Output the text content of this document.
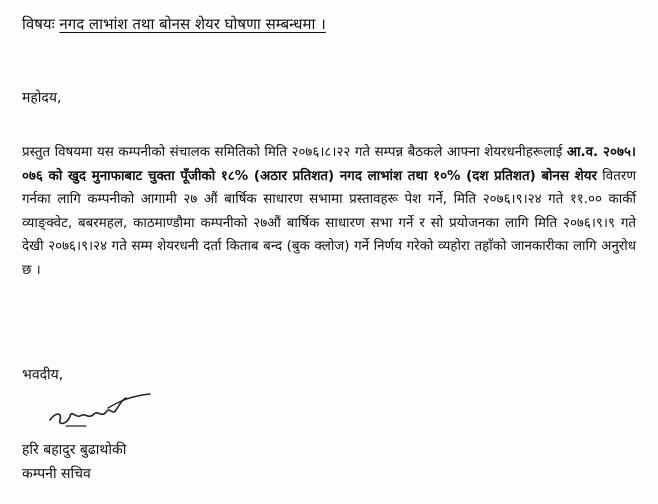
विषयः नगद लाभांश तथा बोनस शेयर घोषणा सम्बन्धमा ।
महोदय,
प्रस्तुत विषयमा यस कम्पनीको संचालक समितिको मिति २०७६।८।२२ गते सम्पन्न बैठकले आफ्ना शेयरधनीहरूलाई आ.व. २०७५।०७६ को खुद मुनाफाबाट चुक्ता पूँजीको १८% (अठार प्रतिशत) नगद लाभांश तथा १०% (दश प्रतिशत) बोनस शेयर वितरण गर्नका लागि कम्पनीको आगामी २७ औं बार्षिक साधारण सभामा प्रस्तावहरू पेश गर्ने, मिति २०७६।९।२४ गते ११.०० कार्की व्याङ्क्वेट, बबरमहल, काठमाण्डौमा कम्पनीको २७औं बार्षिक साधारण सभा गर्ने र सो प्रयोजनका लागि मिति २०७६।९।९ गते देखी २०७६।९।२४ गते सम्म शेयरधनी दर्ता किताब बन्द (बुक क्लोज) गर्ने निर्णय गरेको व्यहोरा तहाँको जानकारीका लागि अनुरोध छ ।
भवदीय,
हरि बहादुर बुढाथोकी
कम्पनी सचिव
